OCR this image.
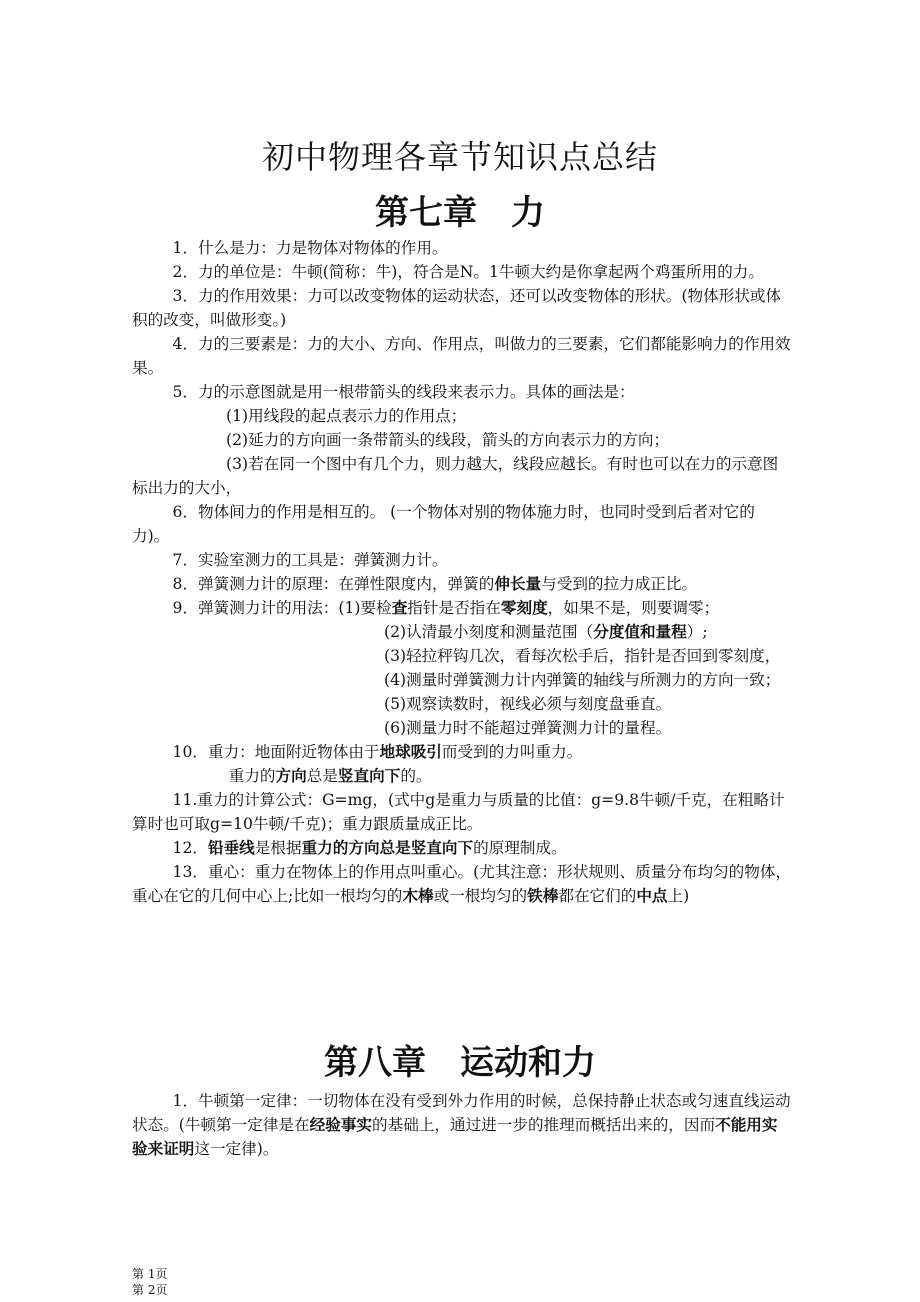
初中物理各章节知识点总结
第七章　力

1．什么是力：力是物体对物体的作用。

2．力的单位是：牛顿(简称：牛)，符合是N。1牛顿大约是你拿起两个鸡蛋所用的力。

3．力的作用效果：力可以改变物体的运动状态，还可以改变物体的形状。(物体形状或体积的改变，叫做形变。)

4．力的三要素是：力的大小、方向、作用点，叫做力的三要素，它们都能影响力的作用效果。

5．力的示意图就是用一根带箭头的线段来表示力。具体的画法是：

(1)用线段的起点表示力的作用点；

(2)延力的方向画一条带箭头的线段，箭头的方向表示力的方向；

(3)若在同一个图中有几个力，则力越大，线段应越长。有时也可以在力的示意图标出力的大小，

6．物体间力的作用是相互的。 (一个物体对别的物体施力时，也同时受到后者对它的力)。

7．实验室测力的工具是：弹簧测力计。

8．弹簧测力计的原理：在弹性限度内，弹簧的伸长量与受到的拉力成正比。

9．弹簧测力计的用法：(1)要检查指针是否指在零刻度，如果不是，则要调零；

(2)认清最小刻度和测量范围（分度值和量程）;

(3)轻拉秤钩几次，看每次松手后，指针是否回到零刻度，

(4)测量时弹簧测力计内弹簧的轴线与所测力的方向一致；

(5)观察读数时，视线必须与刻度盘垂直。

(6)测量力时不能超过弹簧测力计的量程。

10．重力：地面附近物体由于地球吸引而受到的力叫重力。

重力的方向总是竖直向下的。

11.重力的计算公式：G=mg，(式中g是重力与质量的比值：g=9.8牛顿/千克，在粗略计算时也可取g=10牛顿/千克)；重力跟质量成正比。

12．铅垂线是根据重力的方向总是竖直向下的原理制成。

13．重心：重力在物体上的作用点叫重心。(尤其注意：形状规则、质量分布均匀的物体，重心在它的几何中心上;比如一根均匀的木棒或一根均匀的铁棒都在它们的中点上)

第八章　运动和力

1．牛顿第一定律：一切物体在没有受到外力作用的时候，总保持静止状态或匀速直线运动状态。(牛顿第一定律是在经验事实的基础上，通过进一步的推理而概括出来的，因而不能用实验来证明这一定律)。

第 1页
第 2页
